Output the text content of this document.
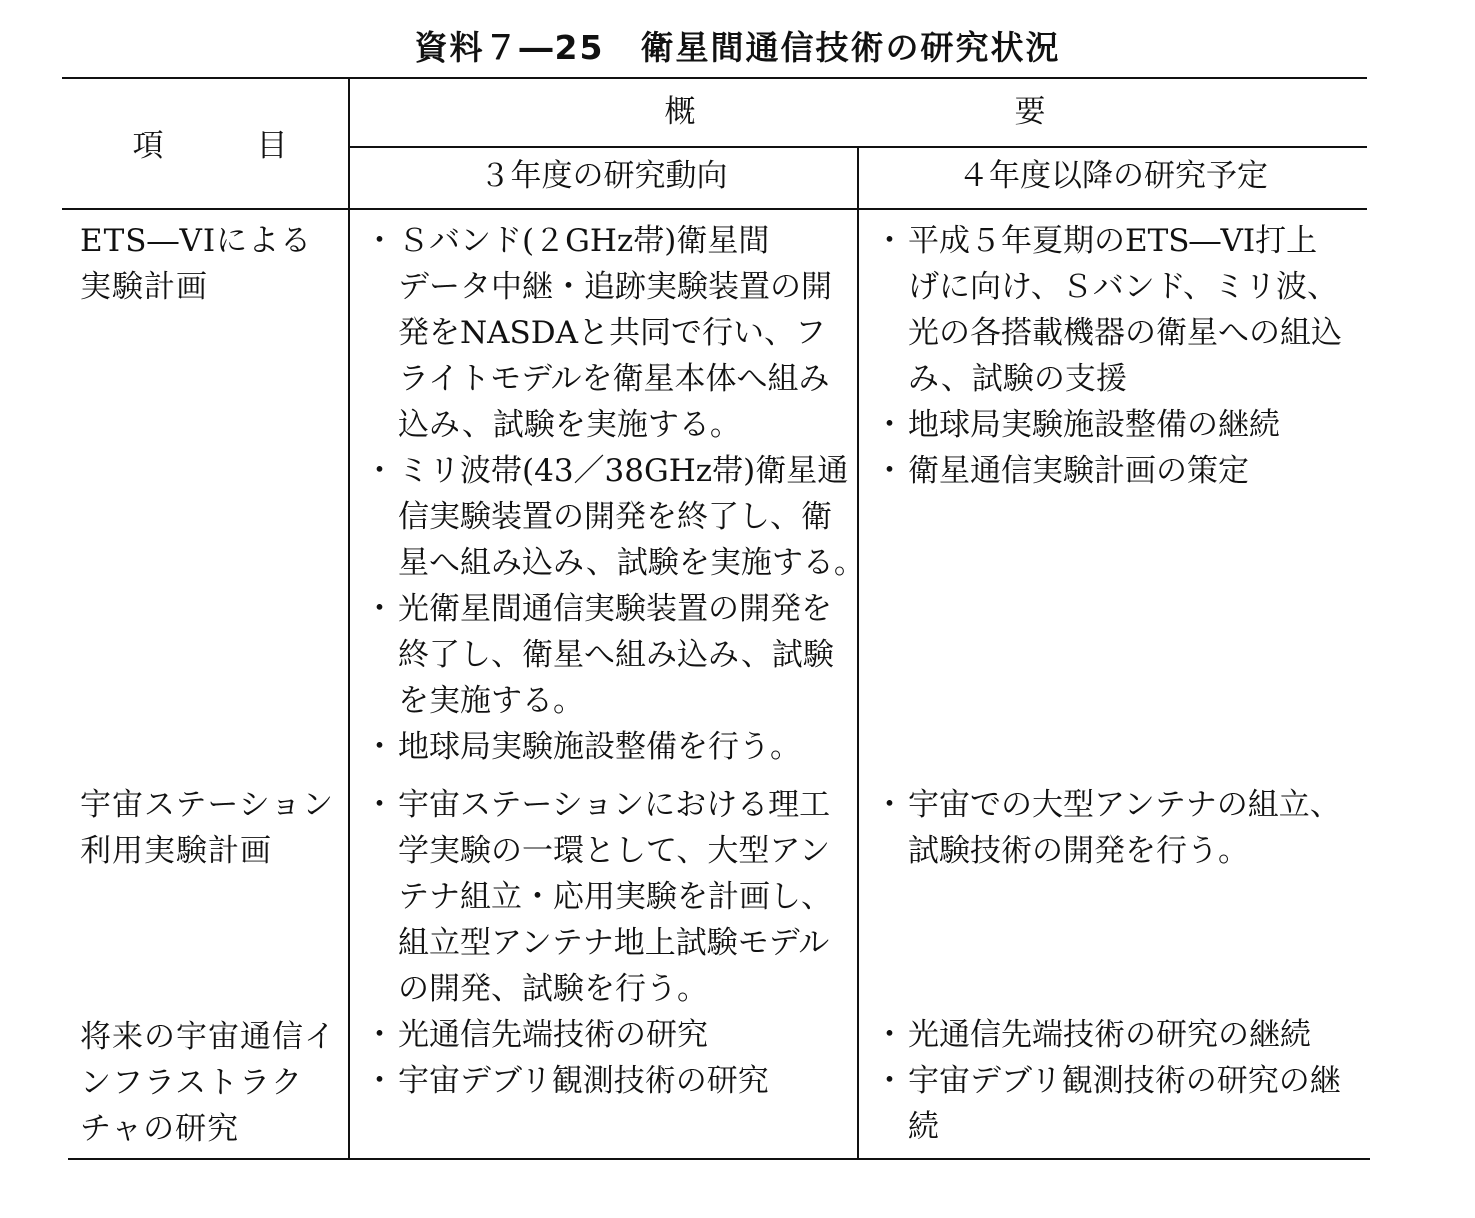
資料７―25 衛星間通信技術の研究状況
項　　　目
概	要
３年度の研究動向	４年度以降の研究予定
ETS―VIによる
実験計画
・ Ｓバンド(２GHz帯)衛星間
データ中継・追跡実験装置の開
発をNASDAと共同で行い、フ
ライトモデルを衛星本体へ組み
込み、試験を実施する。
・ ミリ波帯(43／38GHz帯)衛星通
信実験装置の開発を終了し、衛
星へ組み込み、試験を実施する。
・ 光衛星間通信実験装置の開発を
終了し、衛星へ組み込み、試験
を実施する。
・ 地球局実験施設整備を行う。
・ 平成５年夏期のETS―VI打上
げに向け、Ｓバンド、ミリ波、
光の各搭載機器の衛星への組込
み、試験の支援
・ 地球局実験施設整備の継続
・ 衛星通信実験計画の策定
宇宙ステーション
利用実験計画
・ 宇宙ステーションにおける理工
学実験の一環として、大型アン
テナ組立・応用実験を計画し、
組立型アンテナ地上試験モデル
の開発、試験を行う。
・ 宇宙での大型アンテナの組立、
試験技術の開発を行う。
将来の宇宙通信イ
ンフラストラク
チャの研究
・ 光通信先端技術の研究
・ 宇宙デブリ観測技術の研究
・ 光通信先端技術の研究の継続
・ 宇宙デブリ観測技術の研究の継
続
